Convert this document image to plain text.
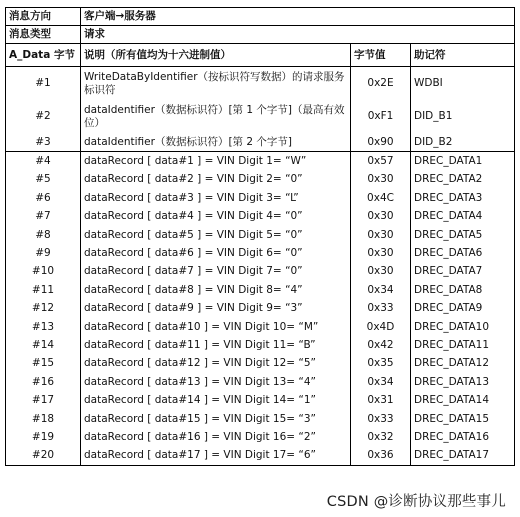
消息方向	客户端→服务器		
消息类型	请求		
A_Data 字节	说明（所有值均为十六进制值）	字节值	助记符
#1	WriteDataByIdentifier（按标识符写数据）的请求服务标识符	0x2E	WDBI
#2	dataIdentifier（数据标识符）[第 1 个字节]（最高有效位）	0xF1	DID_B1
#3	dataIdentifier（数据标识符）[第 2 个字节]	0x90	DID_B2
#4	dataRecord [ data#1 ] = VIN Digit 1= “W”	0x57	DREC_DATA1
#5	dataRecord [ data#2 ] = VIN Digit 2= “0”	0x30	DREC_DATA2
#6	dataRecord [ data#3 ] = VIN Digit 3= “L”	0x4C	DREC_DATA3
#7	dataRecord [ data#4 ] = VIN Digit 4= “0”	0x30	DREC_DATA4
#8	dataRecord [ data#5 ] = VIN Digit 5= “0”	0x30	DREC_DATA5
#9	dataRecord [ data#6 ] = VIN Digit 6= “0”	0x30	DREC_DATA6
#10	dataRecord [ data#7 ] = VIN Digit 7= “0”	0x30	DREC_DATA7
#11	dataRecord [ data#8 ] = VIN Digit 8= “4”	0x34	DREC_DATA8
#12	dataRecord [ data#9 ] = VIN Digit 9= “3”	0x33	DREC_DATA9
#13	dataRecord [ data#10 ] = VIN Digit 10= “M”	0x4D	DREC_DATA10
#14	dataRecord [ data#11 ] = VIN Digit 11= “B”	0x42	DREC_DATA11
#15	dataRecord [ data#12 ] = VIN Digit 12= “5”	0x35	DREC_DATA12
#16	dataRecord [ data#13 ] = VIN Digit 13= “4”	0x34	DREC_DATA13
#17	dataRecord [ data#14 ] = VIN Digit 14= “1”	0x31	DREC_DATA14
#18	dataRecord [ data#15 ] = VIN Digit 15= “3”	0x33	DREC_DATA15
#19	dataRecord [ data#16 ] = VIN Digit 16= “2”	0x32	DREC_DATA16
#20	dataRecord [ data#17 ] = VIN Digit 17= “6”	0x36	DREC_DATA17
CSDN @诊断协议那些事儿
